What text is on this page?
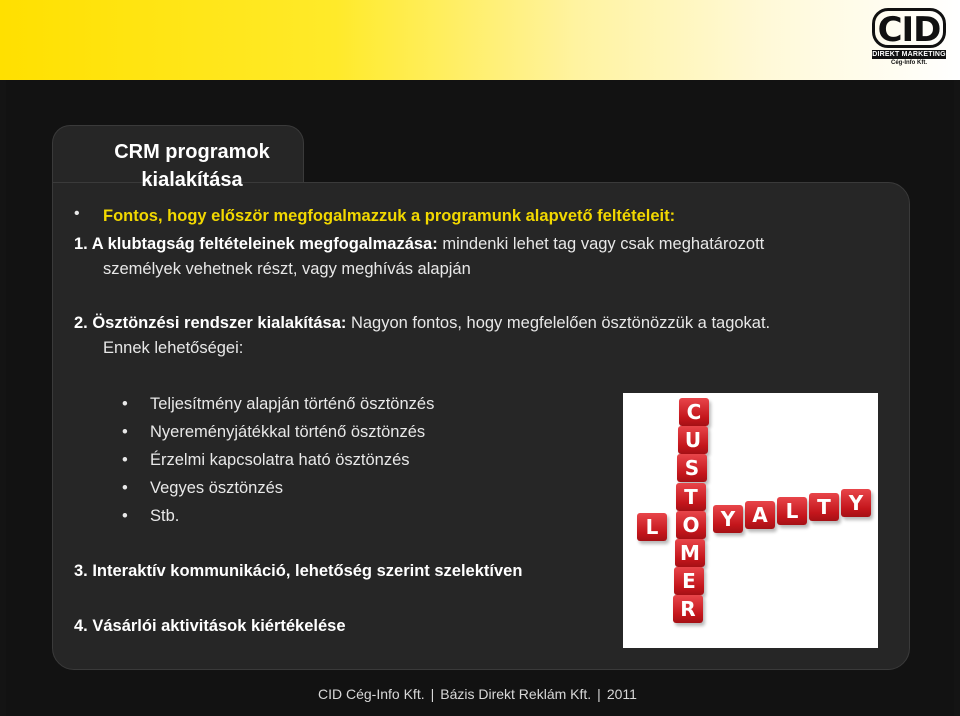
CID
DIREKT MARKETING
Cég-Info Kft.
CRM programok kialakítása
• Fontos, hogy először megfogalmazzuk a programunk alapvető feltételeit:
1. A klubtagság feltételeinek megfogalmazása: mindenki lehet tag vagy csak meghatározott
személyek vehetnek részt, vagy meghívás alapján
2. Ösztönzési rendszer kialakítása: Nagyon fontos, hogy megfelelően ösztönözzük a tagokat.
Ennek lehetőségei:
• Teljesítmény alapján történő ösztönzés
• Nyereményjátékkal történő ösztönzés
• Érzelmi kapcsolatra ható ösztönzés
• Vegyes ösztönzés
• Stb.
3. Interaktív kommunikáció, lehetőség szerint szelektíven
4. Vásárlói aktivitások kiértékelése
C
U
S
T
O
M
E
R
L	Y A L T Y
CID Cég-Info Kft. | Bázis Direkt Reklám Kft. | 2011
